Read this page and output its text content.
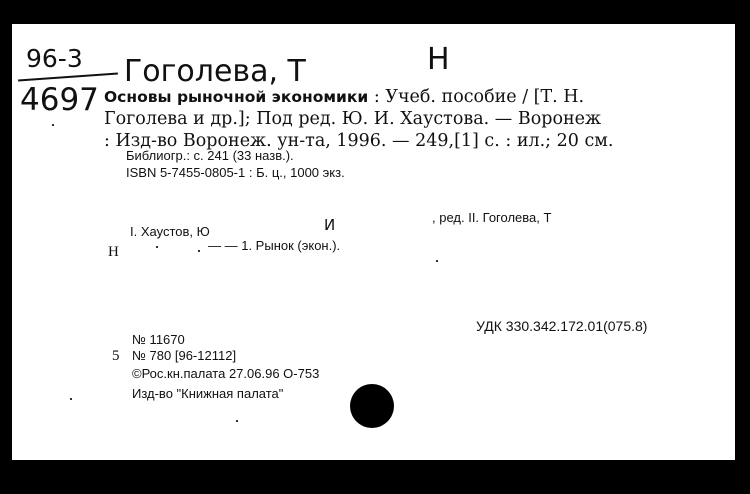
96-3
4697
Гоголева, Т	Н
Основы рыночной экономики : Учеб. пособие / [Т. Н.
Гоголева и др.]; Под ред. Ю. И. Хаустова. — Воронеж
: Изд-во Воронеж. ун-та, 1996. — 249,[1] с. : ил.; 20 см.
Библиогр.: с. 241 (33 назв.).
ISBN 5-7455-0805-1 : Б. ц., 1000 экз.
I. Хаустов, Ю	И	, ред. II. Гоголева, Т
Н	— — 1. Рынок (экон.).
УДК 330.342.172.01(075.8)
№ 11670
5 № 780 [96-12112]
©Рос.кн.палата 27.06.96 О-753
Изд-во "Книжная палата"
